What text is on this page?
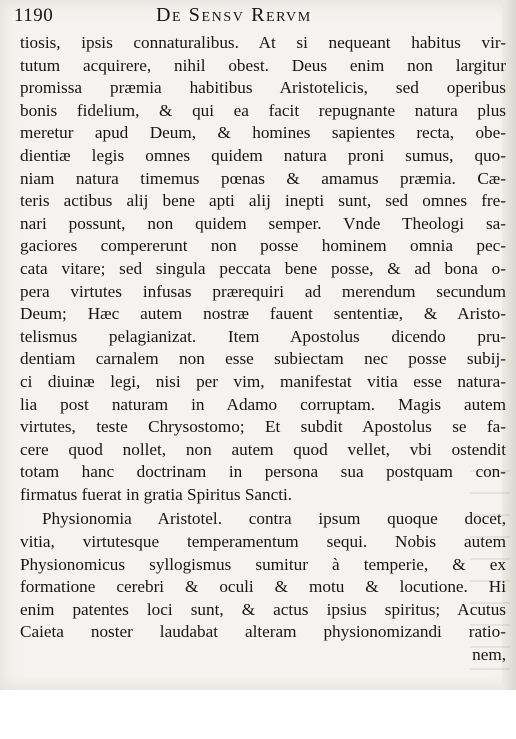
1190	De Sensv Rervm
tiosis, ipsis connaturalibus. At si nequeant habitus vir-
tutum acquirere, nihil obest. Deus enim non largitur
promissa præmia habitibus Aristotelicis, sed operibus
bonis fidelium, & qui ea facit repugnante natura plus
meretur apud Deum, & homines sapientes recta, obe-
dientiæ legis omnes quidem natura proni sumus, quo-
niam natura timemus pœnas & amamus præmia. Cæ-
teris actibus alij bene apti alij inepti sunt, sed omnes fre-
nari possunt, non quidem semper. Vnde Theologi sa-
gaciores compererunt non posse hominem omnia pec-
cata vitare; sed singula peccata bene posse, & ad bona o-
pera virtutes infusas prærequiri ad merendum secundum
Deum; Hæc autem nostræ fauent sententiæ, & Aristo-
telismus pelagianizat. Item Apostolus dicendo pru-
dentiam carnalem non esse subiectam nec posse subij-
ci diuinæ legi, nisi per vim, manifestat vitia esse natura-
lia post naturam in Adamo corruptam. Magis autem
virtutes, teste Chrysostomo; Et subdit Apostolus se fa-
cere quod nollet, non autem quod vellet, vbi ostendit
totam hanc doctrinam in persona sua postquam con-
firmatus fuerat in gratia Spiritus Sancti.
Physionomia Aristotel. contra ipsum quoque docet,
vitia, virtutesque temperamentum sequi. Nobis autem
Physionomicus syllogismus sumitur à temperie, & ex
formatione cerebri & oculi & motu & locutione. Hi
enim patentes loci sunt, & actus ipsius spiritus; Acutus
Caieta noster laudabat alteram physionomizandi ratio-
nem,
